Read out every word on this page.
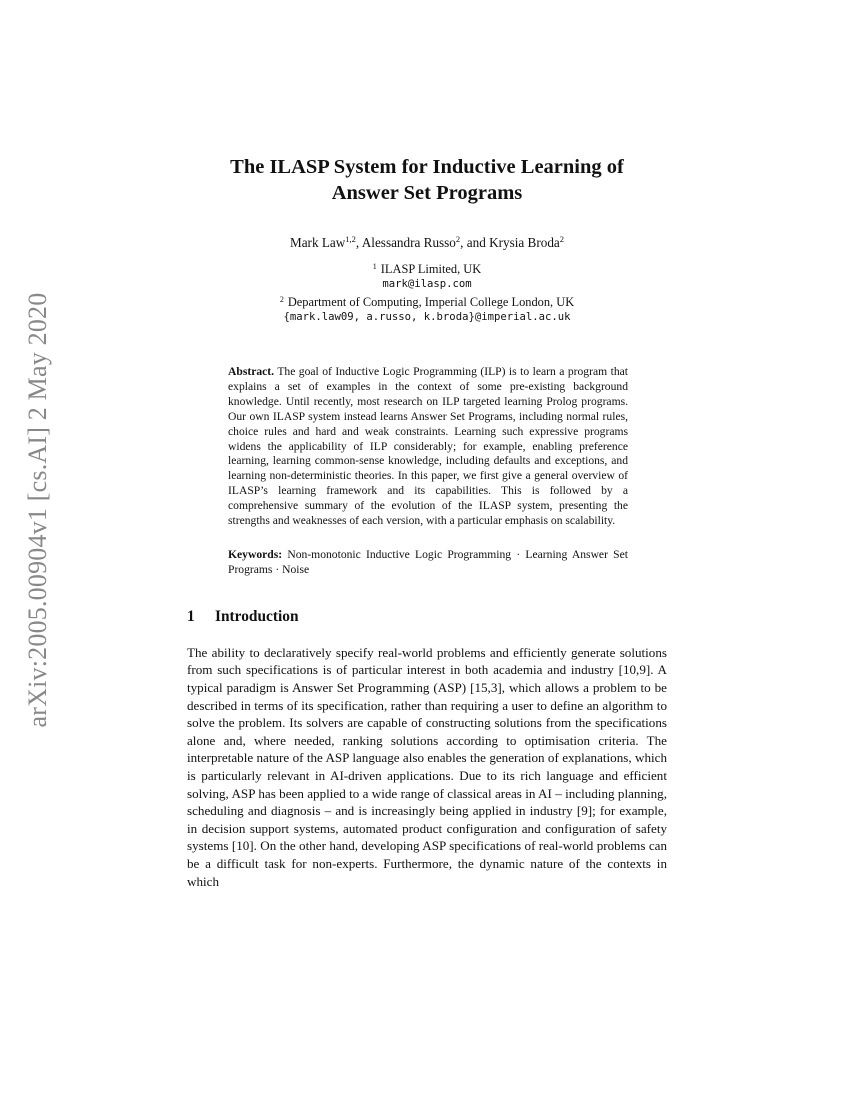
arXiv:2005.00904v1 [cs.AI] 2 May 2020
The ILASP System for Inductive Learning of
Answer Set Programs
Mark Law$^{1,2}$, Alessandra Russo$^2$, and Krysia Broda$^2$
$^1$ ILASP Limited, UK
mark@ilasp.com
$^2$ Department of Computing, Imperial College London, UK
{mark.law09, a.russo, k.broda}@imperial.ac.uk
Abstract. The goal of Inductive Logic Programming (ILP) is to learn a program that explains a set of examples in the context of some pre-existing background knowledge. Until recently, most research on ILP targeted learning Prolog programs. Our own ILASP system instead learns Answer Set Programs, including normal rules, choice rules and hard and weak constraints. Learning such expressive programs widens the applicability of ILP considerably; for example, enabling preference learning, learning common-sense knowledge, including defaults and exceptions, and learning non-deterministic theories. In this paper, we first give a general overview of ILASP’s learning framework and its capabilities. This is followed by a comprehensive summary of the evolution of the ILASP system, presenting the strengths and weaknesses of each version, with a particular emphasis on scalability.
Keywords: Non-monotonic Inductive Logic Programming · Learning Answer Set Programs · Noise
1 Introduction
The ability to declaratively specify real-world problems and efficiently generate solutions from such specifications is of particular interest in both academia and industry [10,9]. A typical paradigm is Answer Set Programming (ASP) [15,3], which allows a problem to be described in terms of its specification, rather than requiring a user to define an algorithm to solve the problem. Its solvers are capable of constructing solutions from the specifications alone and, where needed, ranking solutions according to optimisation criteria. The interpretable nature of the ASP language also enables the generation of explanations, which is particularly relevant in AI-driven applications. Due to its rich language and efficient solving, ASP has been applied to a wide range of classical areas in AI – including planning, scheduling and diagnosis – and is increasingly being applied in industry [9]; for example, in decision support systems, automated product configuration and configuration of safety systems [10]. On the other hand, developing ASP specifications of real-world problems can be a difficult task for non-experts. Furthermore, the dynamic nature of the contexts in which
